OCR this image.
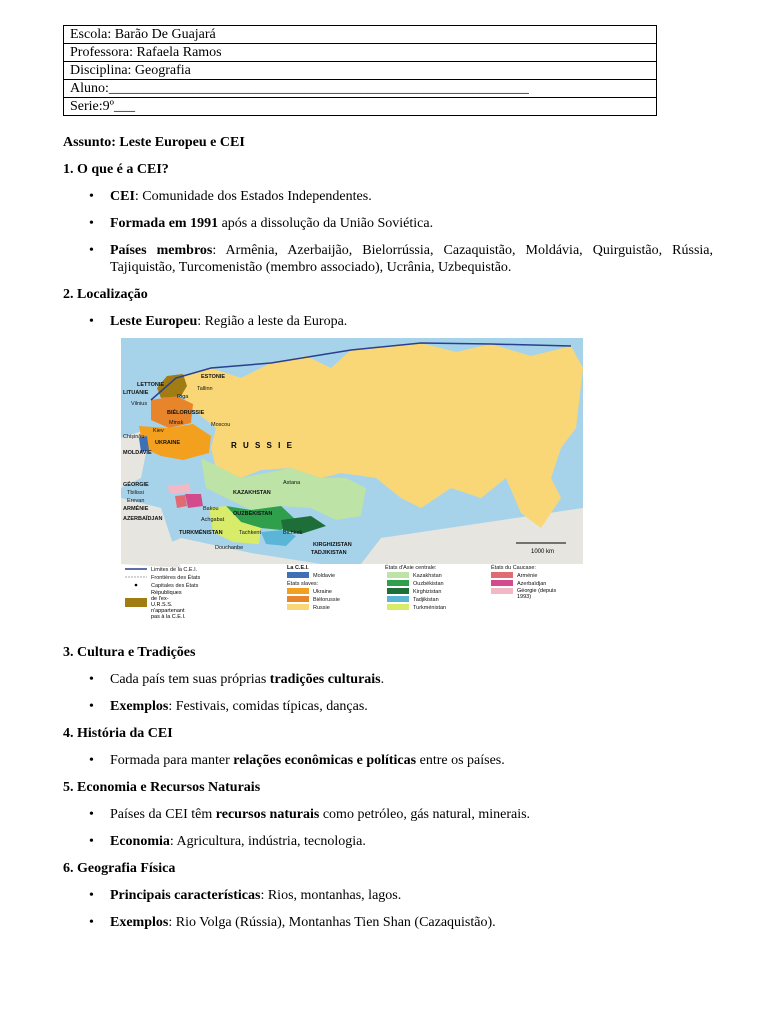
Escola: Barão De Guajará
Professora: Rafaela Ramos
Disciplina: Geografia
Aluno:____________________________________________________________
Serie:9º___
Assunto: Leste Europeu e CEI
1. O que é a CEI?
• CEI: Comunidade dos Estados Independentes.
• Formada em 1991 após a dissolução da União Soviética.
• Países membros: Armênia, Azerbaijão, Bielorrússia, Cazaquistão, Moldávia, Quirguistão, Rússia, Tajiquistão, Turcomenistão (membro associado), Ucrânia, Uzbequistão.
2. Localização
• Leste Europeu: Região a leste da Europa.
1000 km
ESTONIE
Tallinn
LETTONIE
Riga
LITUANIE
Vilnius
BIÉLORUSSIE
Minsk	Moscou
Kiev
Chișinău
UKRAINE
MOLDAVIE
GÉORGIE
Tbilissi
Erevan
ARMÉNIE
AZERBAÏDJAN
Bakou
Astana
KAZAKHSTAN
OUZBÉKISTAN
Achgabat
Tachkent	Bichkek
TURKMÉNISTAN
Douchanbe	KIRGHIZISTAN
TADJIKISTAN
R U S S I E
Limites de la C.E.I.
Frontières des États
Capitales des États
Républiques de l'ex-U.R.S.S. n'appartenant pas à la C.E.I.
La C.E.I.
Moldavie
États slaves:
Ukraine
Biélorussie
Russie
États d'Asie centrale:
Kazakhstan
Ouzbékistan
Kirghizistan
Tadjikistan
Turkménistan
États du Caucase:
Arménie
Azerbaïdjan
Géorgie (depuis 1993)
3. Cultura e Tradições
• Cada país tem suas próprias tradições culturais.
• Exemplos: Festivais, comidas típicas, danças.
4. História da CEI
• Formada para manter relações econômicas e políticas entre os países.
5. Economia e Recursos Naturais
• Países da CEI têm recursos naturais como petróleo, gás natural, minerais.
• Economia: Agricultura, indústria, tecnologia.
6. Geografia Física
• Principais características: Rios, montanhas, lagos.
• Exemplos: Rio Volga (Rússia), Montanhas Tien Shan (Cazaquistão).
